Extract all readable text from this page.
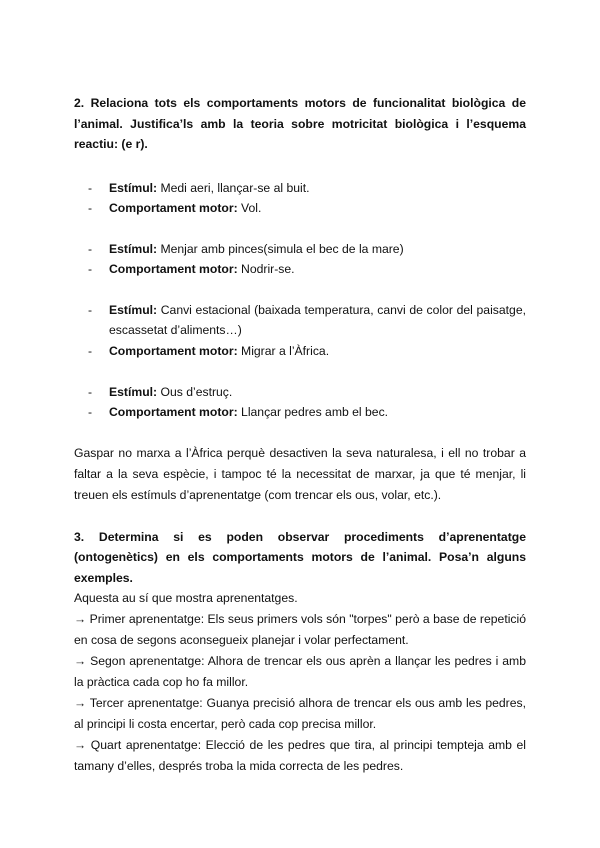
2. Relaciona tots els comportaments motors de funcionalitat biològica de l’animal. Justifica’ls amb la teoria sobre motricitat biològica i l’esquema reactiu: (e r).

- Estímul: Medi aeri, llançar-se al buit.
- Comportament motor: Vol.
- Estímul: Menjar amb pinces(simula el bec de la mare)
- Comportament motor: Nodrir-se.
- Estímul: Canvi estacional (baixada temperatura, canvi de color del paisatge, escassetat d’aliments…)
- Comportament motor: Migrar a l’Àfrica.
- Estímul: Ous d’estruç.
- Comportament motor: Llançar pedres amb el bec.

Gaspar no marxa a l’Àfrica perquè desactiven la seva naturalesa, i ell no trobar a faltar a la seva espècie, i tampoc té la necessitat de marxar, ja que té menjar, li treuen els estímuls d’aprenentatge (com trencar els ous, volar, etc.).

3. Determina si es poden observar procediments d’aprenentatge (ontogenètics) en els comportaments motors de l’animal. Posa’n alguns exemples.

Aquesta au sí que mostra aprenentatges.

→ Primer aprenentatge: Els seus primers vols són "torpes" però a base de repetició en cosa de segons aconsegueix planejar i volar perfectament.

→ Segon aprenentatge: Alhora de trencar els ous aprèn a llançar les pedres i amb la pràctica cada cop ho fa millor.

→ Tercer aprenentatge: Guanya precisió alhora de trencar els ous amb les pedres, al principi li costa encertar, però cada cop precisa millor.

→ Quart aprenentatge: Elecció de les pedres que tira, al principi tempteja amb el tamany d’elles, després troba la mida correcta de les pedres.
